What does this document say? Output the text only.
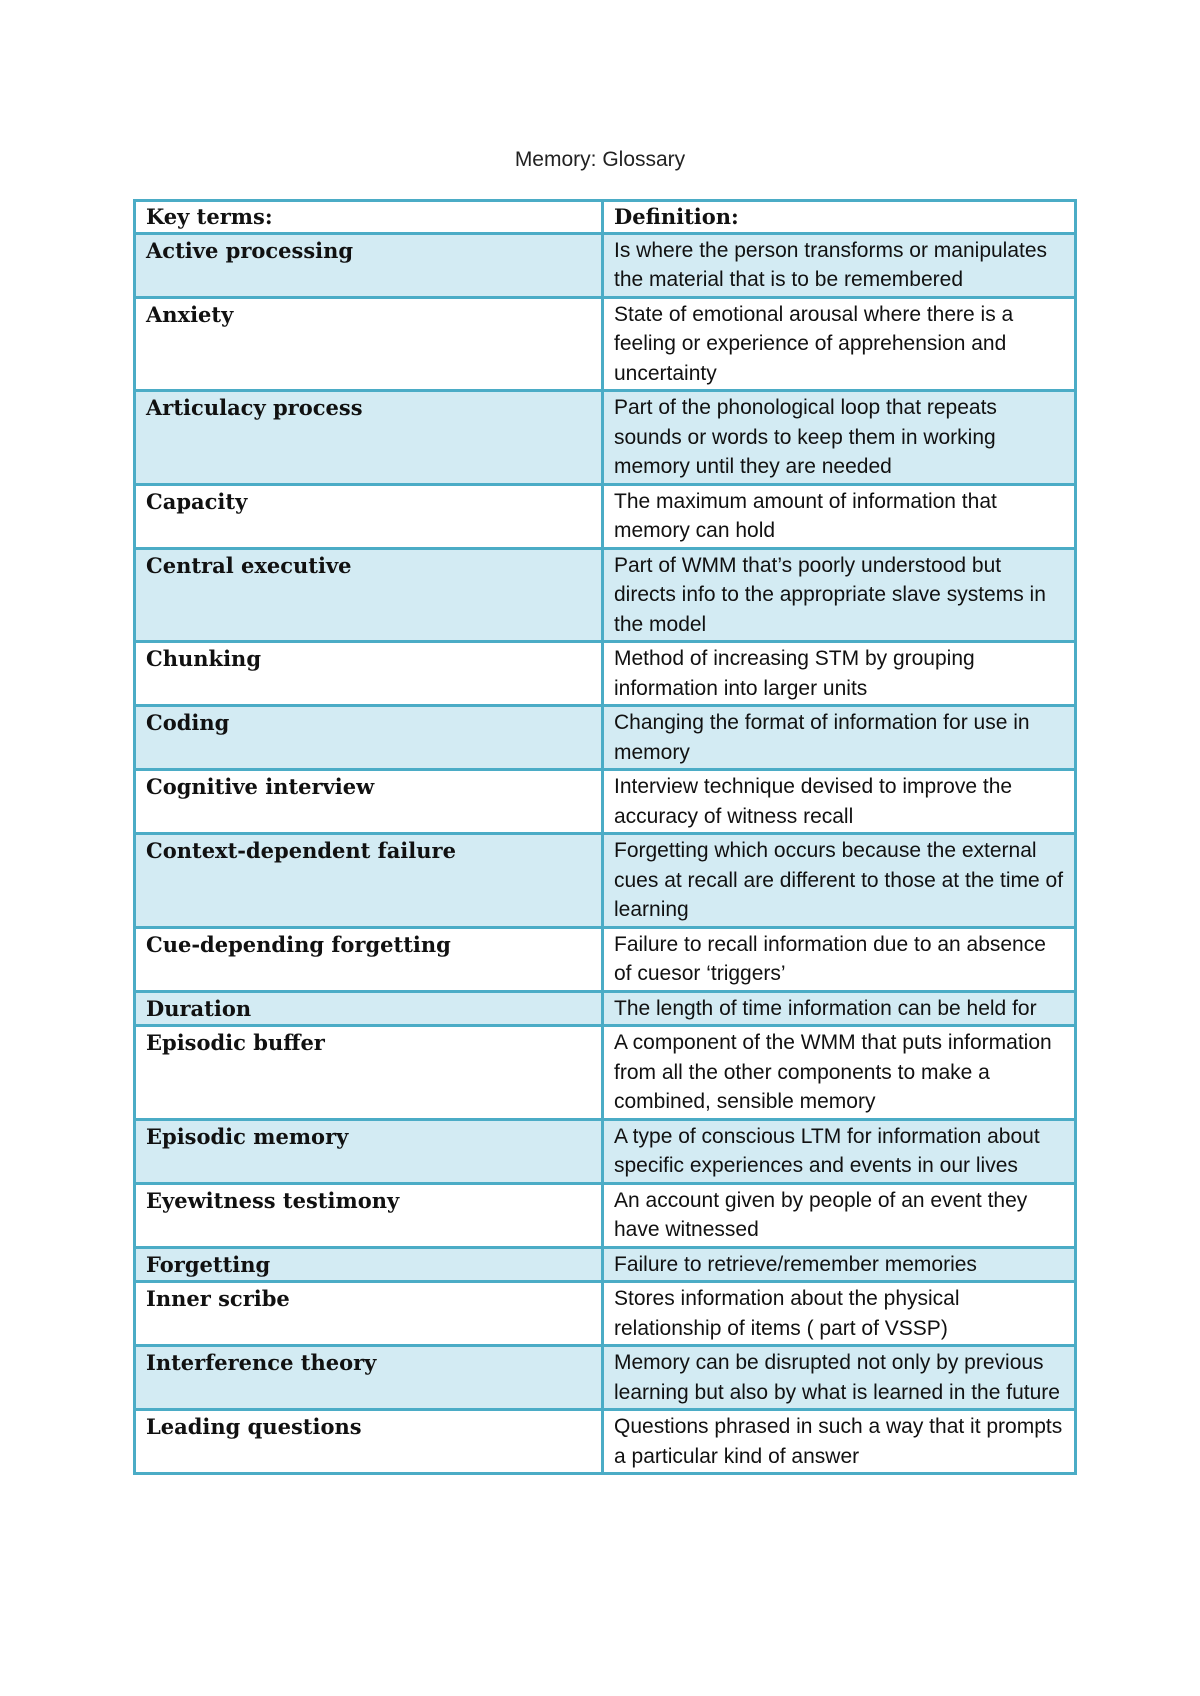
Memory: Glossary
Key terms:	Definition:
Active processing	Is where the person transforms or manipulates the material that is to be remembered
Anxiety	State of emotional arousal where there is a feeling or experience of apprehension and uncertainty
Articulacy process	Part of the phonological loop that repeats sounds or words to keep them in working memory until they are needed
Capacity	The maximum amount of information that memory can hold
Central executive	Part of WMM that’s poorly understood but directs info to the appropriate slave systems in the model
Chunking	Method of increasing STM by grouping information into larger units
Coding	Changing the format of information for use in memory
Cognitive interview	Interview technique devised to improve the accuracy of witness recall
Context-dependent failure	Forgetting which occurs because the external cues at recall are different to those at the time of learning
Cue-depending forgetting	Failure to recall information due to an absence of cuesor ‘triggers’
Duration	The length of time information can be held for
Episodic buffer	A component of the WMM that puts information from all the other components to make a combined, sensible memory
Episodic memory	A type of conscious LTM for information about specific experiences and events in our lives
Eyewitness testimony	An account given by people of an event they have witnessed
Forgetting	Failure to retrieve/remember memories
Inner scribe	Stores information about the physical relationship of items ( part of VSSP)
Interference theory	Memory can be disrupted not only by previous learning but also by what is learned in the future
Leading questions	Questions phrased in such a way that it prompts a particular kind of answer
